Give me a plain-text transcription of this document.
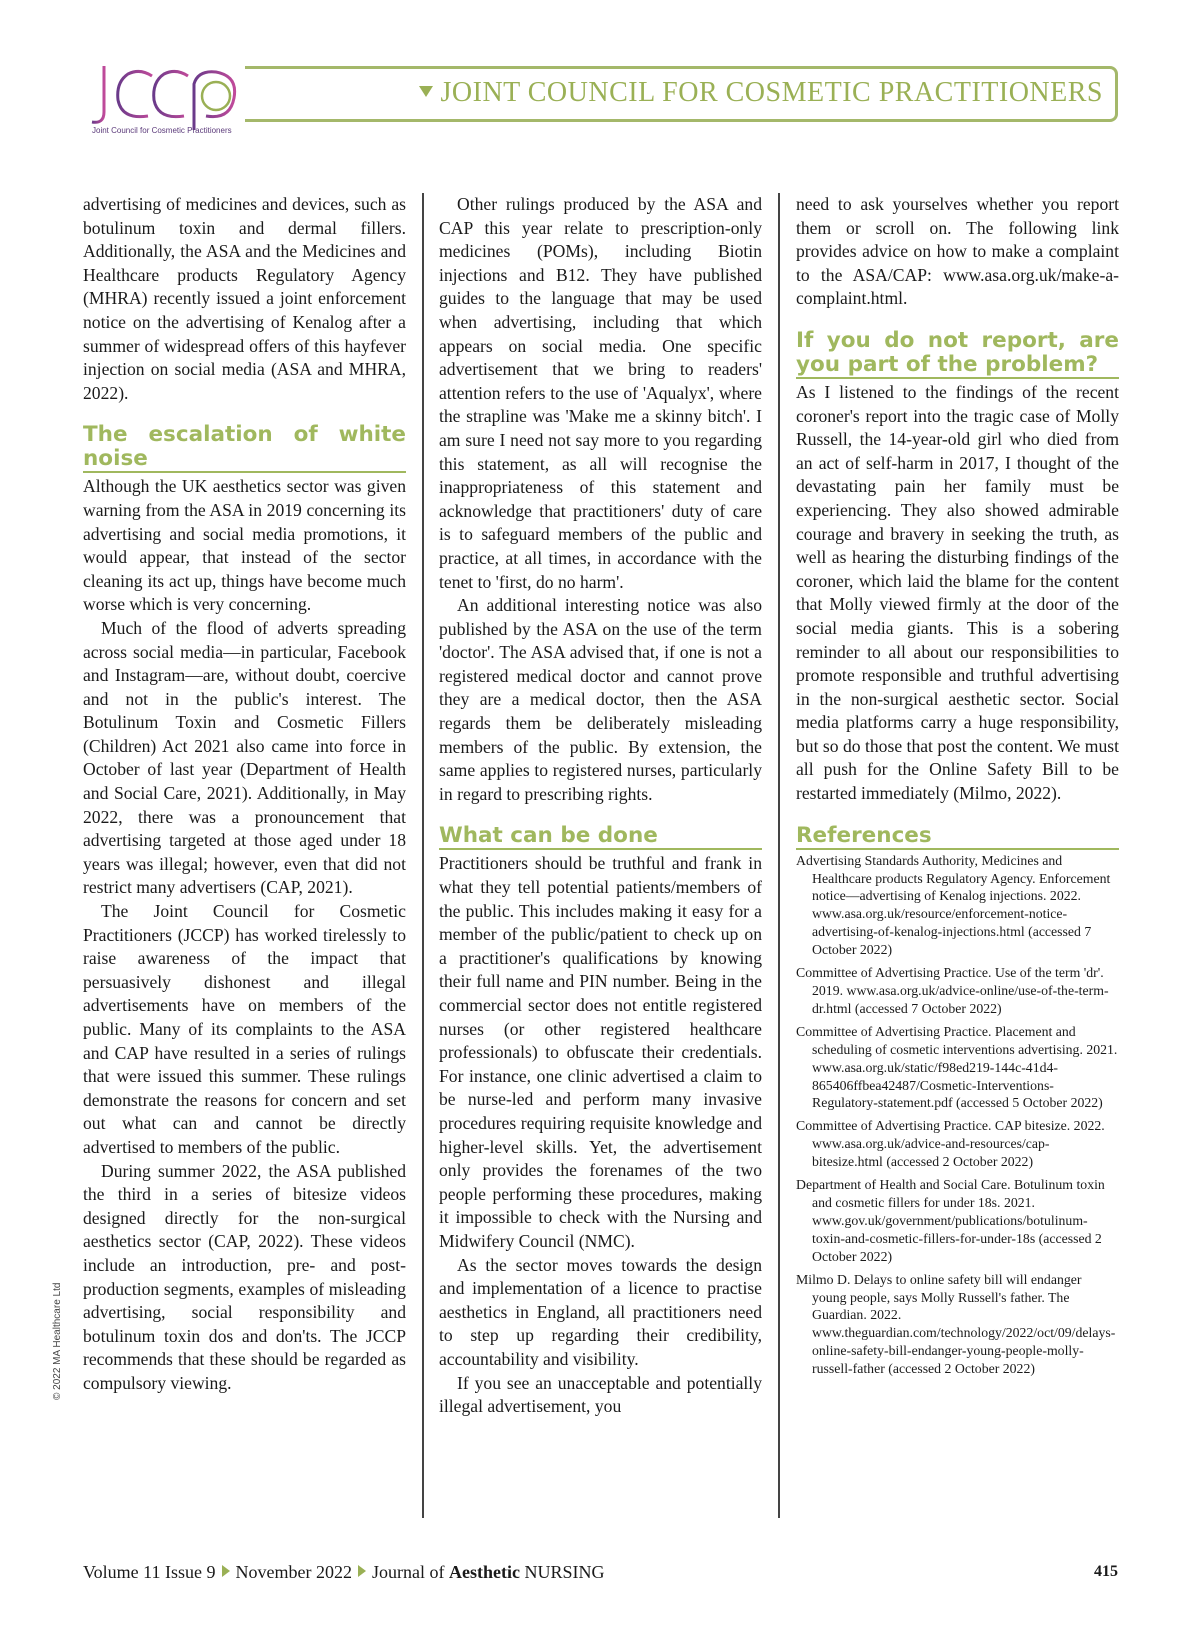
Joint Council for Cosmetic Practitioners
JOINT COUNCIL FOR COSMETIC PRACTITIONERS

advertising of medicines and devices, such as botulinum toxin and dermal fillers. Additionally, the ASA and the Medicines and Healthcare products Regulatory Agency (MHRA) recently issued a joint enforcement notice on the advertising of Kenalog after a summer of widespread offers of this hayfever injection on social media (ASA and MHRA, 2022).

The escalation of white noise

Although the UK aesthetics sector was given warning from the ASA in 2019 concerning its advertising and social media promotions, it would appear, that instead of the sector cleaning its act up, things have become much worse which is very concerning.

Much of the flood of adverts spreading across social media—in particular, Facebook and Instagram—are, without doubt, coercive and not in the public's interest. The Botulinum Toxin and Cosmetic Fillers (Children) Act 2021 also came into force in October of last year (Department of Health and Social Care, 2021). Additionally, in May 2022, there was a pronouncement that advertising targeted at those aged under 18 years was illegal; however, even that did not restrict many advertisers (CAP, 2021).

The Joint Council for Cosmetic Practitioners (JCCP) has worked tirelessly to raise awareness of the impact that persuasively dishonest and illegal advertisements have on members of the public. Many of its complaints to the ASA and CAP have resulted in a series of rulings that were issued this summer. These rulings demonstrate the reasons for concern and set out what can and cannot be directly advertised to members of the public.

During summer 2022, the ASA published the third in a series of bitesize videos designed directly for the non-surgical aesthetics sector (CAP, 2022). These videos include an introduction, pre- and post-production segments, examples of misleading advertising, social responsibility and botulinum toxin dos and don'ts. The JCCP recommends that these should be regarded as compulsory viewing.

Other rulings produced by the ASA and CAP this year relate to prescription-only medicines (POMs), including Biotin injections and B12. They have published guides to the language that may be used when advertising, including that which appears on social media. One specific advertisement that we bring to readers' attention refers to the use of 'Aqualyx', where the strapline was 'Make me a skinny bitch'. I am sure I need not say more to you regarding this statement, as all will recognise the inappropriateness of this statement and acknowledge that practitioners' duty of care is to safeguard members of the public and practice, at all times, in accordance with the tenet to 'first, do no harm'.

An additional interesting notice was also published by the ASA on the use of the term 'doctor'. The ASA advised that, if one is not a registered medical doctor and cannot prove they are a medical doctor, then the ASA regards them be deliberately misleading members of the public. By extension, the same applies to registered nurses, particularly in regard to prescribing rights.

What can be done

Practitioners should be truthful and frank in what they tell potential patients/members of the public. This includes making it easy for a member of the public/patient to check up on a practitioner's qualifications by knowing their full name and PIN number. Being in the commercial sector does not entitle registered nurses (or other registered healthcare professionals) to obfuscate their credentials. For instance, one clinic advertised a claim to be nurse-led and perform many invasive procedures requiring requisite knowledge and higher-level skills. Yet, the advertisement only provides the forenames of the two people performing these procedures, making it impossible to check with the Nursing and Midwifery Council (NMC).

As the sector moves towards the design and implementation of a licence to practise aesthetics in England, all practitioners need to step up regarding their credibility, accountability and visibility.

If you see an unacceptable and potentially illegal advertisement, you

need to ask yourselves whether you report them or scroll on. The following link provides advice on how to make a complaint to the ASA/CAP: www.asa.org.uk/make-a-complaint.html.

If you do not report, are you part of the problem?

As I listened to the findings of the recent coroner's report into the tragic case of Molly Russell, the 14-year-old girl who died from an act of self-harm in 2017, I thought of the devastating pain her family must be experiencing. They also showed admirable courage and bravery in seeking the truth, as well as hearing the disturbing findings of the coroner, which laid the blame for the content that Molly viewed firmly at the door of the social media giants. This is a sobering reminder to all about our responsibilities to promote responsible and truthful advertising in the non-surgical aesthetic sector. Social media platforms carry a huge responsibility, but so do those that post the content. We must all push for the Online Safety Bill to be restarted immediately (Milmo, 2022).

References
Advertising Standards Authority, Medicines and Healthcare products Regulatory Agency. Enforcement notice—advertising of Kenalog injections. 2022. www.asa.org.uk/resource/enforcement-notice-advertising-of-kenalog-injections.html (accessed 7 October 2022)
Committee of Advertising Practice. Use of the term 'dr'. 2019. www.asa.org.uk/advice-online/use-of-the-term-dr.html (accessed 7 October 2022)
Committee of Advertising Practice. Placement and scheduling of cosmetic interventions advertising. 2021. www.asa.org.uk/static/f98ed219-144c-41d4-865406ffbea42487/Cosmetic-Interventions-Regulatory-statement.pdf (accessed 5 October 2022)
Committee of Advertising Practice. CAP bitesize. 2022. www.asa.org.uk/advice-and-resources/cap-bitesize.html (accessed 2 October 2022)
Department of Health and Social Care. Botulinum toxin and cosmetic fillers for under 18s. 2021. www.gov.uk/government/publications/botulinum-toxin-and-cosmetic-fillers-for-under-18s (accessed 2 October 2022)
Milmo D. Delays to online safety bill will endanger young people, says Molly Russell's father. The Guardian. 2022. www.theguardian.com/technology/2022/oct/09/delays-online-safety-bill-endanger-young-people-molly-russell-father (accessed 2 October 2022)
© 2022 MA Healthcare Ltd
Volume 11 Issue 9 November 2022 Journal of Aesthetic NURSING	415
